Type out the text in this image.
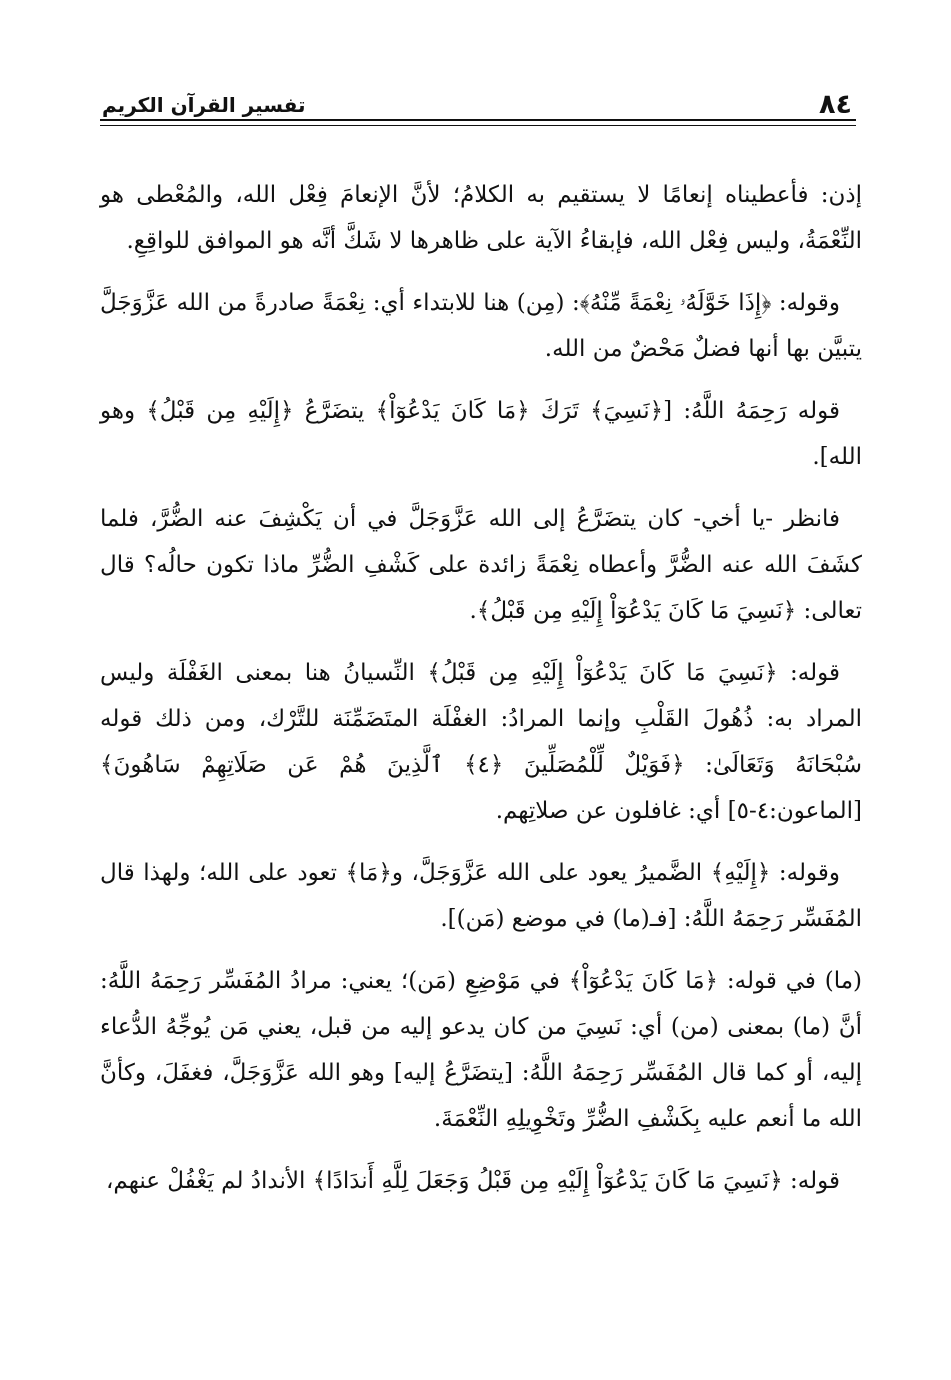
٨٤
تفسير القرآن الكريم

إذن: فأعطيناه إنعامًا لا يستقيم به الكلامُ؛ لأنَّ الإنعامَ فِعْل الله، والمُعْطى هو النِّعْمَةُ، وليس فِعْل الله، فإبقاءُ الآية على ظاهرها لا شَكَّ أنَّه هو الموافق للواقِعِ.

وقوله: ﴿إِذَا خَوَّلَهُۥ نِعْمَةً مِّنْهُ﴾: (مِن) هنا للابتداء أي: نِعْمَةً صادرةً من الله عَزَّوَجَلَّ يتبيَّن بها أنها فضلٌ مَحْضٌ من الله.

قوله رَحِمَهُ اللَّهُ: [﴿نَسِيَ﴾ تَرَكَ ﴿مَا كَانَ يَدْعُوٓاْ﴾ يتضَرَّعُ ﴿إِلَيْهِ مِن قَبْلُ﴾ وهو الله].

فانظر -يا أخي- كان يتضَرَّعُ إلى الله عَزَّوَجَلَّ في أن يَكْشِفَ عنه الضُّرَّ، فلما كشَفَ الله عنه الضُّرَّ وأعطاه نِعْمَةً زائدة على كَشْفِ الضُّرِّ ماذا تكون حالُه؟ قال تعالى: ﴿نَسِيَ مَا كَانَ يَدْعُوٓاْ إِلَيْهِ مِن قَبْلُ﴾.

قوله: ﴿نَسِيَ مَا كَانَ يَدْعُوٓاْ إِلَيْهِ مِن قَبْلُ﴾ النِّسيانُ هنا بمعنى الغَفْلَة وليس المراد به: ذُهُولَ القَلْبِ وإنما المرادُ: الغفْلَة المتَضَمِّنَة للتَّرْك، ومن ذلك قوله سُبْحَانَهُ وَتَعَالَىٰ: ﴿فَوَيْلٌ لِّلْمُصَلِّينَ ﴿٤﴾ ٱلَّذِينَ هُمْ عَن صَلَاتِهِمْ سَاهُونَ﴾ [الماعون:٤-٥] أي: غافلون عن صلاتِهم.

وقوله: ﴿إِلَيْهِ﴾ الضَّميرُ يعود على الله عَزَّوَجَلَّ، و﴿مَا﴾ تعود على الله؛ ولهذا قال المُفَسِّر رَحِمَهُ اللَّهُ: [فـ(ما) في موضع (مَن)].

(ما) في قوله: ﴿مَا كَانَ يَدْعُوٓاْ﴾ في مَوْضِعِ (مَن)؛ يعني: مرادُ المُفَسِّر رَحِمَهُ اللَّهُ: أنَّ (ما) بمعنى (من) أي: نَسِيَ من كان يدعو إليه من قبل، يعني مَن يُوجِّهُ الدُّعاء إليه، أو كما قال المُفَسِّر رَحِمَهُ اللَّهُ: [يتضَرَّعُ إليه] وهو الله عَزَّوَجَلَّ، فغفَلَ، وكأنَّ الله ما أنعم عليه بِكَشْفِ الضُّرِّ وتَخْوِيلِهِ النِّعْمَةَ.

قوله: ﴿نَسِيَ مَا كَانَ يَدْعُوٓاْ إِلَيْهِ مِن قَبْلُ وَجَعَلَ لِلَّهِ أَندَادًا﴾ الأندادُ لم يَغْفُلْ عنهم،
